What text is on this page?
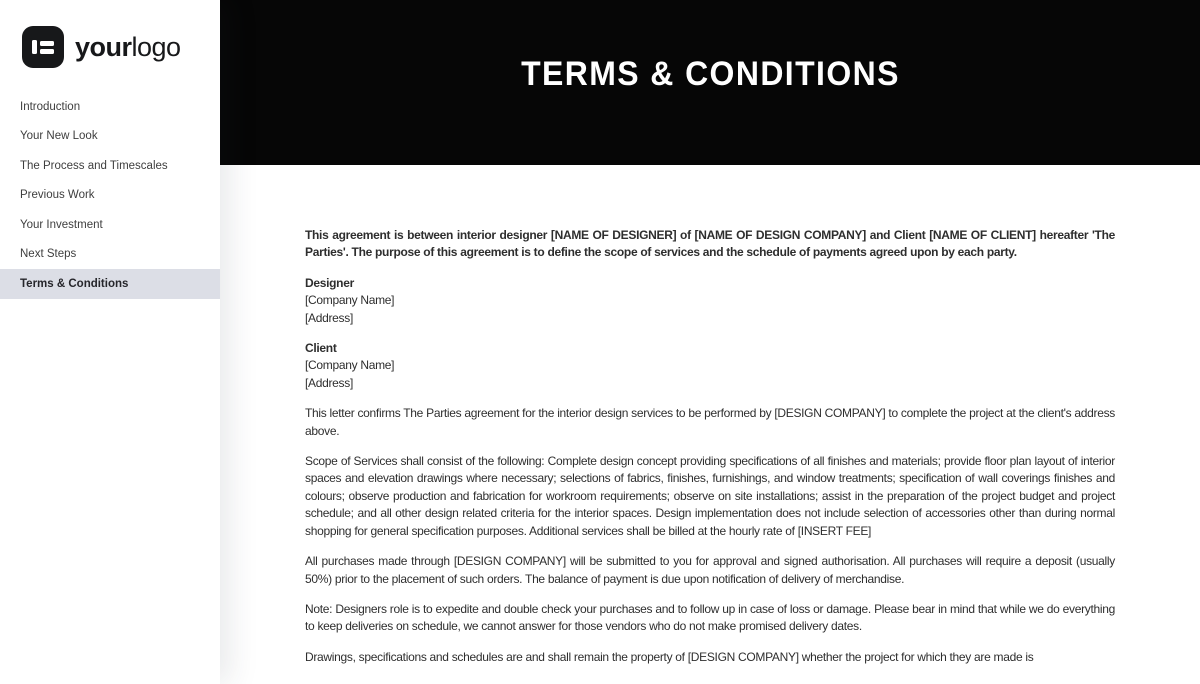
yourlogo
Introduction
Your New Look
The Process and Timescales
Previous Work
Your Investment
Next Steps
Terms & Conditions
TERMS & CONDITIONS

This agreement is between interior designer [NAME OF DESIGNER] of [NAME OF DESIGN COMPANY] and Client [NAME OF CLIENT] hereafter 'The Parties'. The purpose of this agreement is to define the scope of services and the schedule of payments agreed upon by each party.

Designer

[Company Name]

[Address]

Client

[Company Name]

[Address]

This letter confirms The Parties agreement for the interior design services to be performed by [DESIGN COMPANY] to complete the project at the client's address above.

Scope of Services shall consist of the following: Complete design concept providing specifications of all finishes and materials; provide floor plan layout of interior spaces and elevation drawings where necessary; selections of fabrics, finishes, furnishings, and window treatments; specification of wall coverings finishes and colours; observe production and fabrication for workroom requirements; observe on site installations; assist in the preparation of the project budget and project schedule; and all other design related criteria for the interior spaces. Design implementation does not include selection of accessories other than during normal shopping for general specification purposes. Additional services shall be billed at the hourly rate of [INSERT FEE]

All purchases made through [DESIGN COMPANY] will be submitted to you for approval and signed authorisation. All purchases will require a deposit (usually 50%) prior to the placement of such orders. The balance of payment is due upon notification of delivery of merchandise.

Note: Designers role is to expedite and double check your purchases and to follow up in case of loss or damage. Please bear in mind that while we do everything to keep deliveries on schedule, we cannot answer for those vendors who do not make promised delivery dates.

Drawings, specifications and schedules are and shall remain the property of [DESIGN COMPANY] whether the project for which they are made is
